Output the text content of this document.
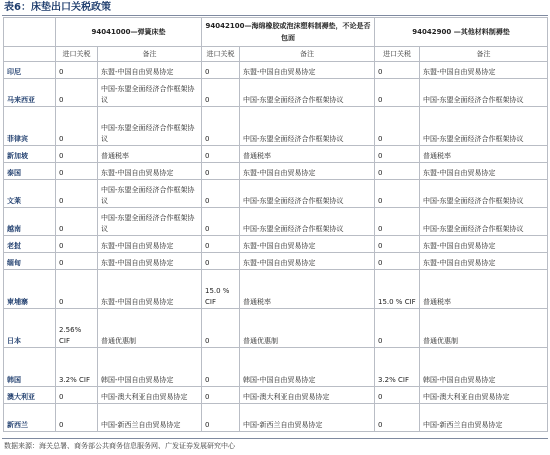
表6：床垫出口关税政策
	94041000—弹簧床垫		94042100—海绵橡胶或泡沫塑料制褥垫，不论是否包面		94042900 —其他材料制褥垫	
	进口关税	备注	进口关税	备注	进口关税	备注
印尼	0	东盟-中国自由贸易协定	0	东盟-中国自由贸易协定	0	东盟-中国自由贸易协定
马来西亚	0	中国-东盟全面经济合作框架协议	0	中国-东盟全面经济合作框架协议	0	中国-东盟全面经济合作框架协议
菲律宾	0	中国-东盟全面经济合作框架协议	0	中国-东盟全面经济合作框架协议	0	中国-东盟全面经济合作框架协议
新加坡	0	普通税率	0	普通税率	0	普通税率
泰国	0	东盟-中国自由贸易协定	0	东盟-中国自由贸易协定	0	东盟-中国自由贸易协定
文莱	0	中国-东盟全面经济合作框架协议	0	中国-东盟全面经济合作框架协议	0	中国-东盟全面经济合作框架协议
越南	0	中国-东盟全面经济合作框架协议	0	中国-东盟全面经济合作框架协议	0	中国-东盟全面经济合作框架协议
老挝	0	东盟-中国自由贸易协定	0	东盟-中国自由贸易协定	0	东盟-中国自由贸易协定
缅甸	0	东盟-中国自由贸易协定	0	东盟-中国自由贸易协定	0	东盟-中国自由贸易协定
柬埔寨	0	东盟-中国自由贸易协定	15.0 % CIF	普通税率	15.0 % CIF	普通税率
日本	2.56% CIF	普通优惠制	0	普通优惠制	0	普通优惠制
韩国	3.2% CIF	韩国-中国自由贸易协定	0	韩国-中国自由贸易协定	3.2% CIF	韩国-中国自由贸易协定
澳大利亚	0	中国-澳大利亚自由贸易协定	0	中国-澳大利亚自由贸易协定	0	中国-澳大利亚自由贸易协定
新西兰	0	中国-新西兰自由贸易协定	0	中国-新西兰自由贸易协定	0	中国-新西兰自由贸易协定
数据来源：海关总署、商务部公共商务信息服务网、广发证券发展研究中心
